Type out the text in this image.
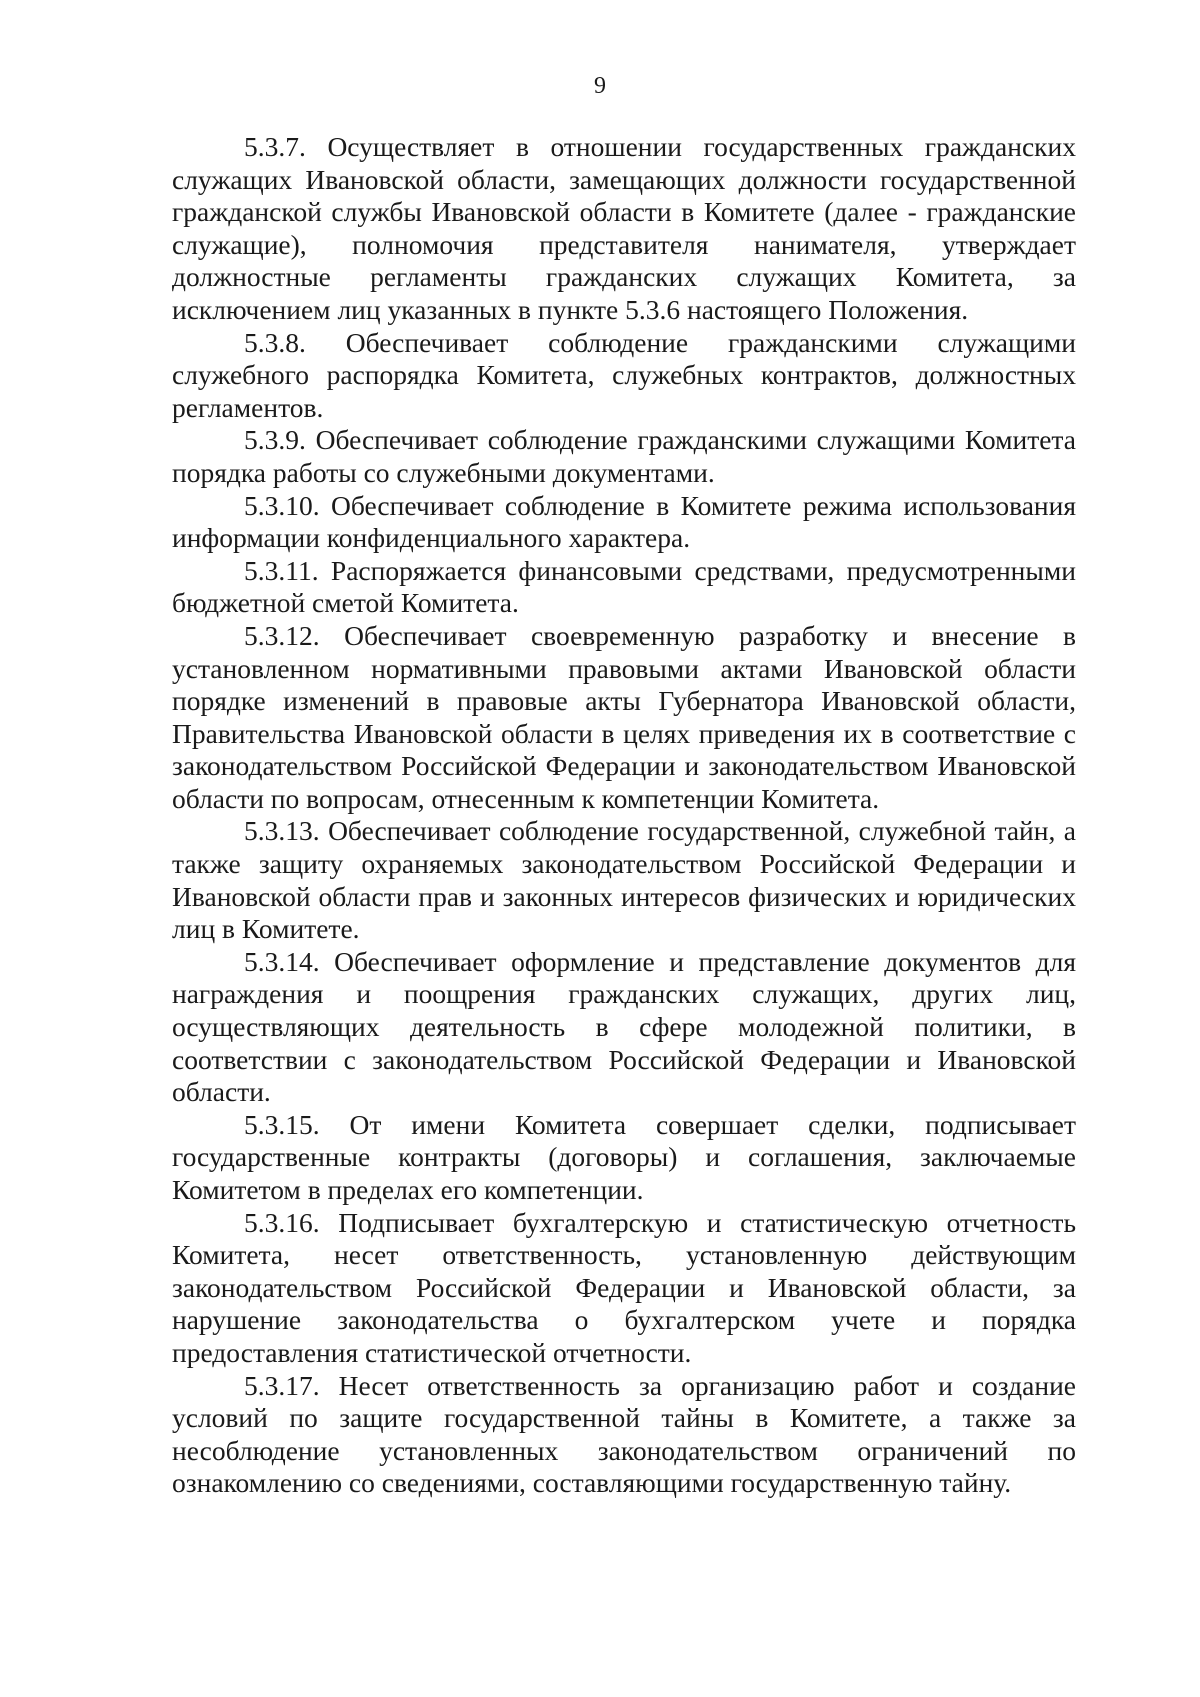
9

5.3.7. Осуществляет в отношении государственных гражданских служащих Ивановской области, замещающих должности государственной гражданской службы Ивановской области в Комитете (далее - гражданские служащие), полномочия представителя нанимателя, утверждает должностные регламенты гражданских служащих Комитета, за исключением лиц указанных в пункте 5.3.6 настоящего Положения.

5.3.8. Обеспечивает соблюдение гражданскими служащими служебного распорядка Комитета, служебных контрактов, должностных регламентов.

5.3.9. Обеспечивает соблюдение гражданскими служащими Комитета порядка работы со служебными документами.

5.3.10. Обеспечивает соблюдение в Комитете режима использования информации конфиденциального характера.

5.3.11. Распоряжается финансовыми средствами, предусмотренными бюджетной сметой Комитета.

5.3.12. Обеспечивает своевременную разработку и внесение в установленном нормативными правовыми актами Ивановской области порядке изменений в правовые акты Губернатора Ивановской области, Правительства Ивановской области в целях приведения их в соответствие с законодательством Российской Федерации и законодательством Ивановской области по вопросам, отнесенным к компетенции Комитета.

5.3.13. Обеспечивает соблюдение государственной, служебной тайн, а также защиту охраняемых законодательством Российской Федерации и Ивановской области прав и законных интересов физических и юридических лиц в Комитете.

5.3.14. Обеспечивает оформление и представление документов для награждения и поощрения гражданских служащих, других лиц, осуществляющих деятельность в сфере молодежной политики, в соответствии с законодательством Российской Федерации и Ивановской области.

5.3.15. От имени Комитета совершает сделки, подписывает государственные контракты (договоры) и соглашения, заключаемые Комитетом в пределах его компетенции.

5.3.16. Подписывает бухгалтерскую и статистическую отчетность Комитета, несет ответственность, установленную действующим законодательством Российской Федерации и Ивановской области, за нарушение законодательства о бухгалтерском учете и порядка предоставления статистической отчетности.

5.3.17. Несет ответственность за организацию работ и создание условий по защите государственной тайны в Комитете, а также за несоблюдение установленных законодательством ограничений по ознакомлению со сведениями, составляющими государственную тайну.
